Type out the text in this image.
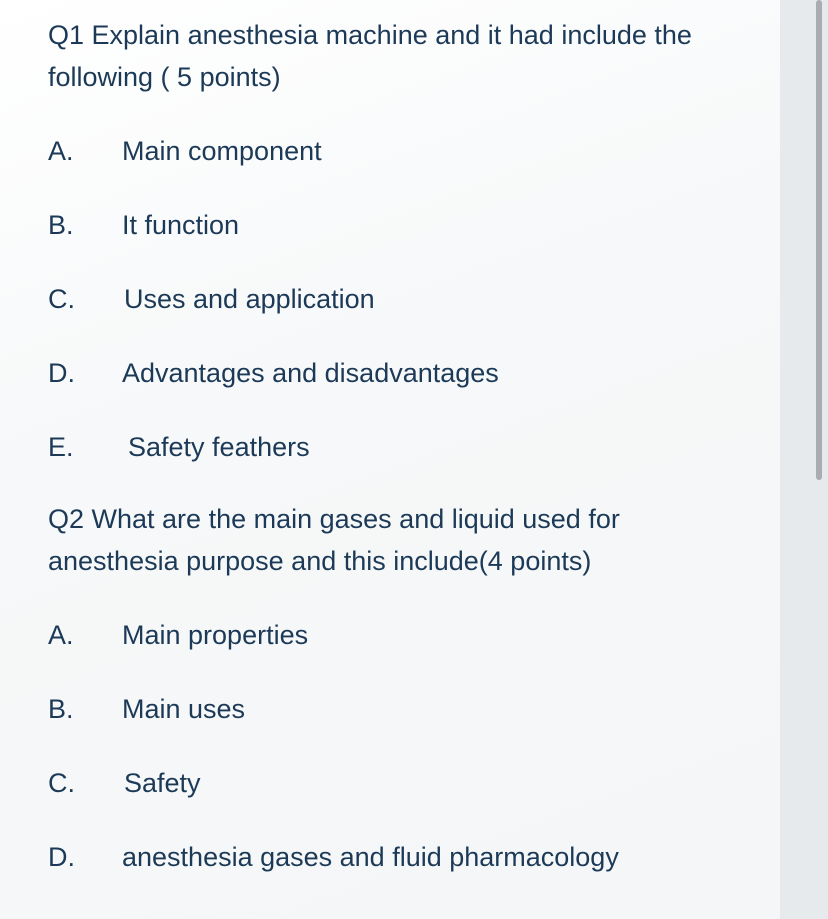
Q1 Explain anesthesia machine and it had include the
following ( 5 points)

A.	Main component
B.	It function
C.	Uses and application
D.	Advantages and disadvantages
E.	Safety feathers

Q2 What are the main gases and liquid used for
anesthesia purpose and this include(4 points)

A.	Main properties
B.	Main uses
C.	Safety
D.	anesthesia gases and fluid pharmacology
